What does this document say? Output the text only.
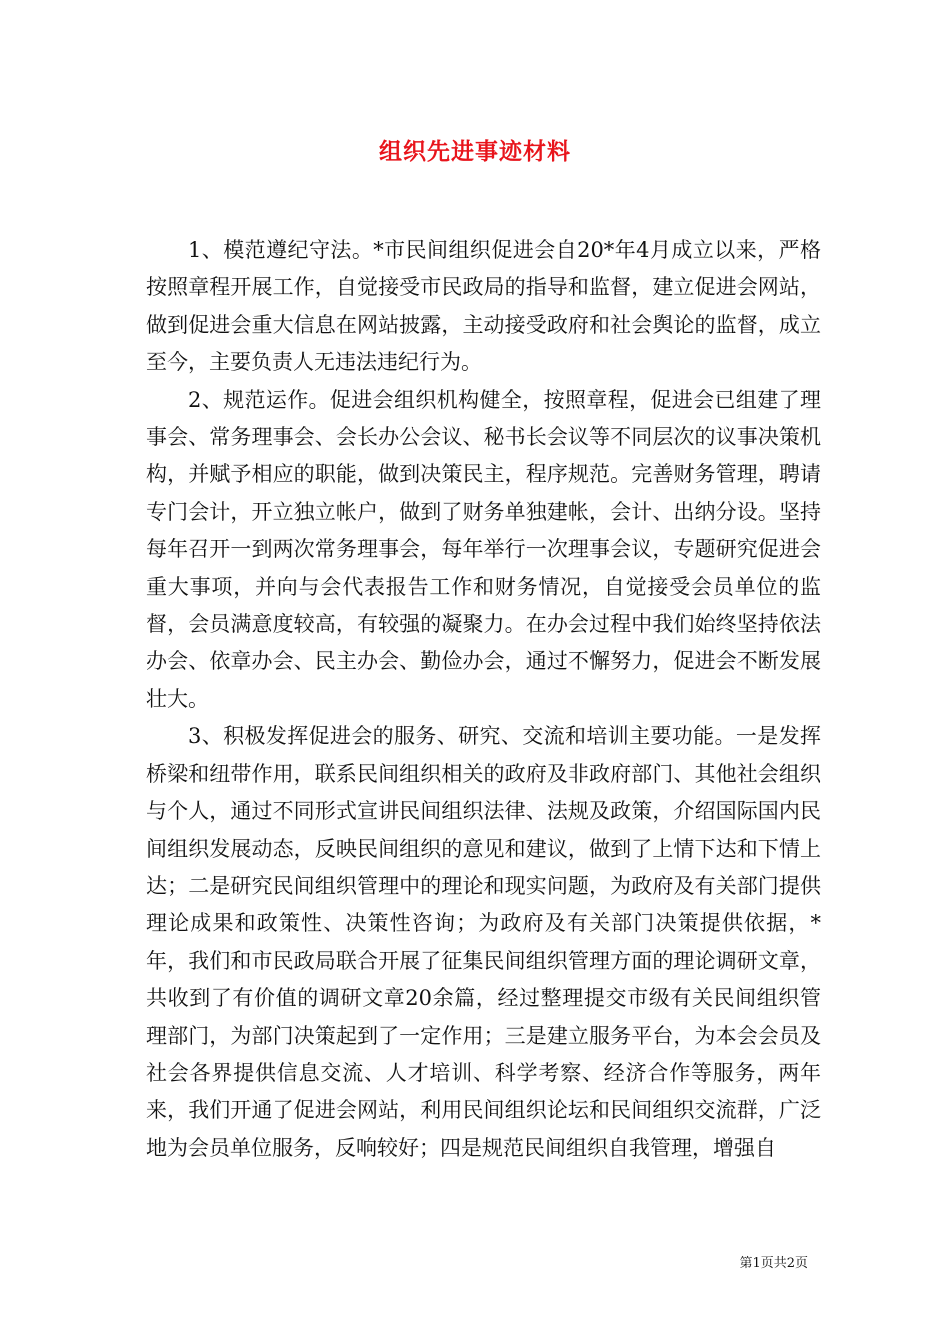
组织先进事迹材料

1、模范遵纪守法。*市民间组织促进会自20*年4月成立以来，严格按照章程开展工作，自觉接受市民政局的指导和监督，建立促进会网站，做到促进会重大信息在网站披露，主动接受政府和社会舆论的监督，成立至今，主要负责人无违法违纪行为。

2、规范运作。促进会组织机构健全，按照章程，促进会已组建了理事会、常务理事会、会长办公会议、秘书长会议等不同层次的议事决策机构，并赋予相应的职能，做到决策民主，程序规范。完善财务管理，聘请专门会计，开立独立帐户，做到了财务单独建帐，会计、出纳分设。坚持每年召开一到两次常务理事会，每年举行一次理事会议，专题研究促进会重大事项，并向与会代表报告工作和财务情况，自觉接受会员单位的监督，会员满意度较高，有较强的凝聚力。在办会过程中我们始终坚持依法办会、依章办会、民主办会、勤俭办会，通过不懈努力，促进会不断发展壮大。

3、积极发挥促进会的服务、研究、交流和培训主要功能。一是发挥桥梁和纽带作用，联系民间组织相关的政府及非政府部门、其他社会组织与个人，通过不同形式宣讲民间组织法律、法规及政策，介绍国际国内民间组织发展动态，反映民间组织的意见和建议，做到了上情下达和下情上达；二是研究民间组织管理中的理论和现实问题，为政府及有关部门提供理论成果和政策性、决策性咨询；为政府及有关部门决策提供依据，*年，我们和市民政局联合开展了征集民间组织管理方面的理论调研文章，共收到了有价值的调研文章20余篇，经过整理提交市级有关民间组织管理部门，为部门决策起到了一定作用；三是建立服务平台，为本会会员及社会各界提供信息交流、人才培训、科学考察、经济合作等服务，两年来，我们开通了促进会网站，利用民间组织论坛和民间组织交流群，广泛地为会员单位服务，反响较好；四是规范民间组织自我管理，增强自

第1页共2页
